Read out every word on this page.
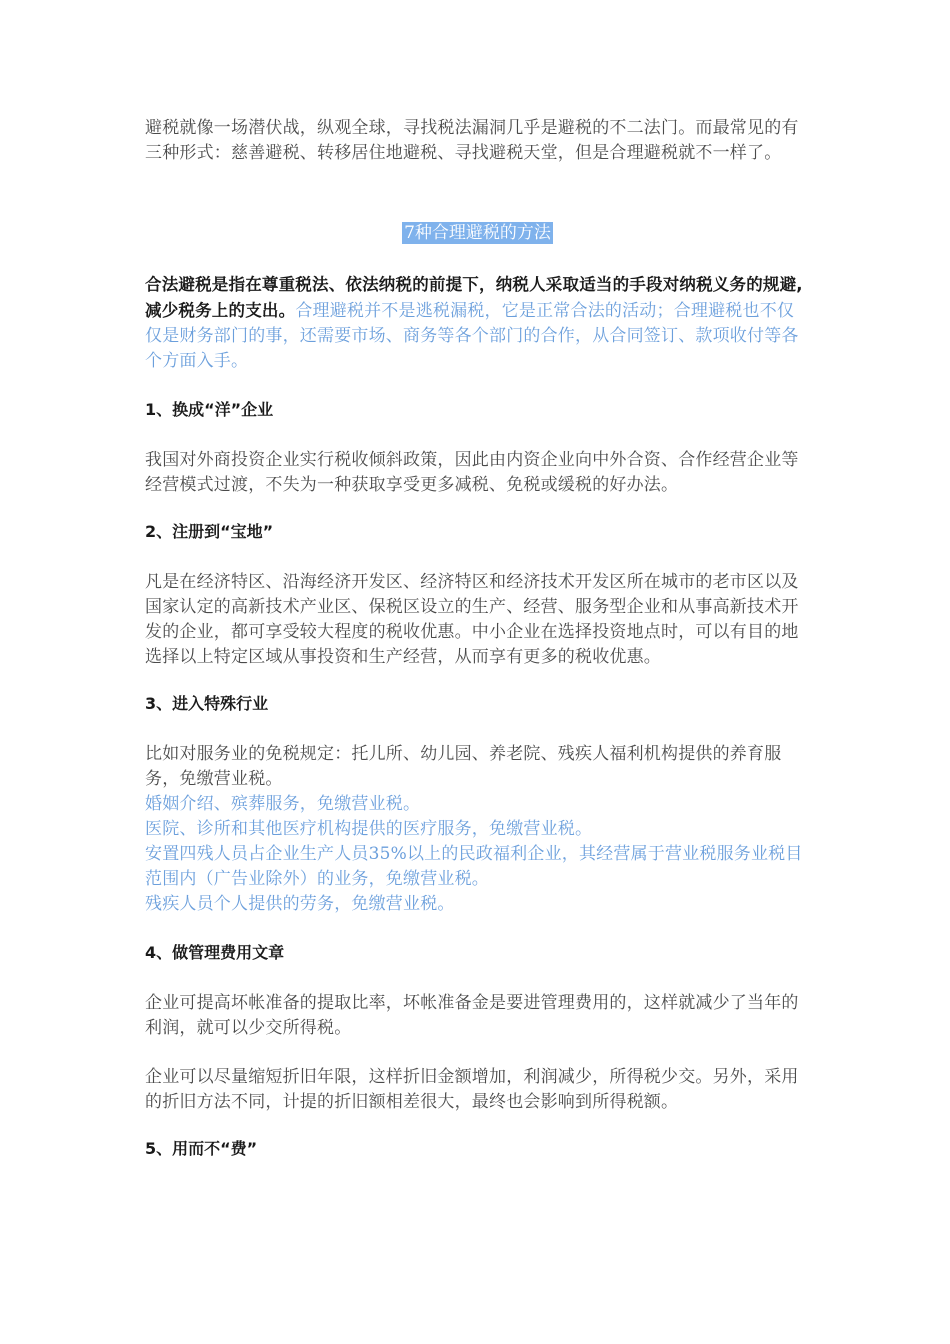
避税就像一场潜伏战，纵观全球，寻找税法漏洞几乎是避税的不二法门。而最常见的有三种形式：慈善避税、转移居住地避税、寻找避税天堂，但是合理避税就不一样了。

7种合理避税的方法

合法避税是指在尊重税法、依法纳税的前提下，纳税人采取适当的手段对纳税义务的规避,减少税务上的支出。合理避税并不是逃税漏税，它是正常合法的活动；合理避税也不仅仅是财务部门的事，还需要市场、商务等各个部门的合作，从合同签订、款项收付等各个方面入手。

1、换成“洋”企业

我国对外商投资企业实行税收倾斜政策，因此由内资企业向中外合资、合作经营企业等经营模式过渡，不失为一种获取享受更多减税、免税或缓税的好办法。

2、注册到“宝地”

凡是在经济特区、沿海经济开发区、经济特区和经济技术开发区所在城市的老市区以及国家认定的高新技术产业区、保税区设立的生产、经营、服务型企业和从事高新技术开发的企业，都可享受较大程度的税收优惠。中小企业在选择投资地点时，可以有目的地选择以上特定区域从事投资和生产经营，从而享有更多的税收优惠。

3、进入特殊行业

比如对服务业的免税规定：托儿所、幼儿园、养老院、残疾人福利机构提供的养育服务，免缴营业税。

婚姻介绍、殡葬服务，免缴营业税。

医院、诊所和其他医疗机构提供的医疗服务，免缴营业税。

安置四残人员占企业生产人员35%以上的民政福利企业，其经营属于营业税服务业税目范围内（广告业除外）的业务，免缴营业税。

残疾人员个人提供的劳务，免缴营业税。

4、做管理费用文章

企业可提高坏帐准备的提取比率，坏帐准备金是要进管理费用的，这样就减少了当年的利润，就可以少交所得税。

企业可以尽量缩短折旧年限，这样折旧金额增加，利润减少，所得税少交。另外，采用的折旧方法不同，计提的折旧额相差很大，最终也会影响到所得税额。

5、用而不“费”
